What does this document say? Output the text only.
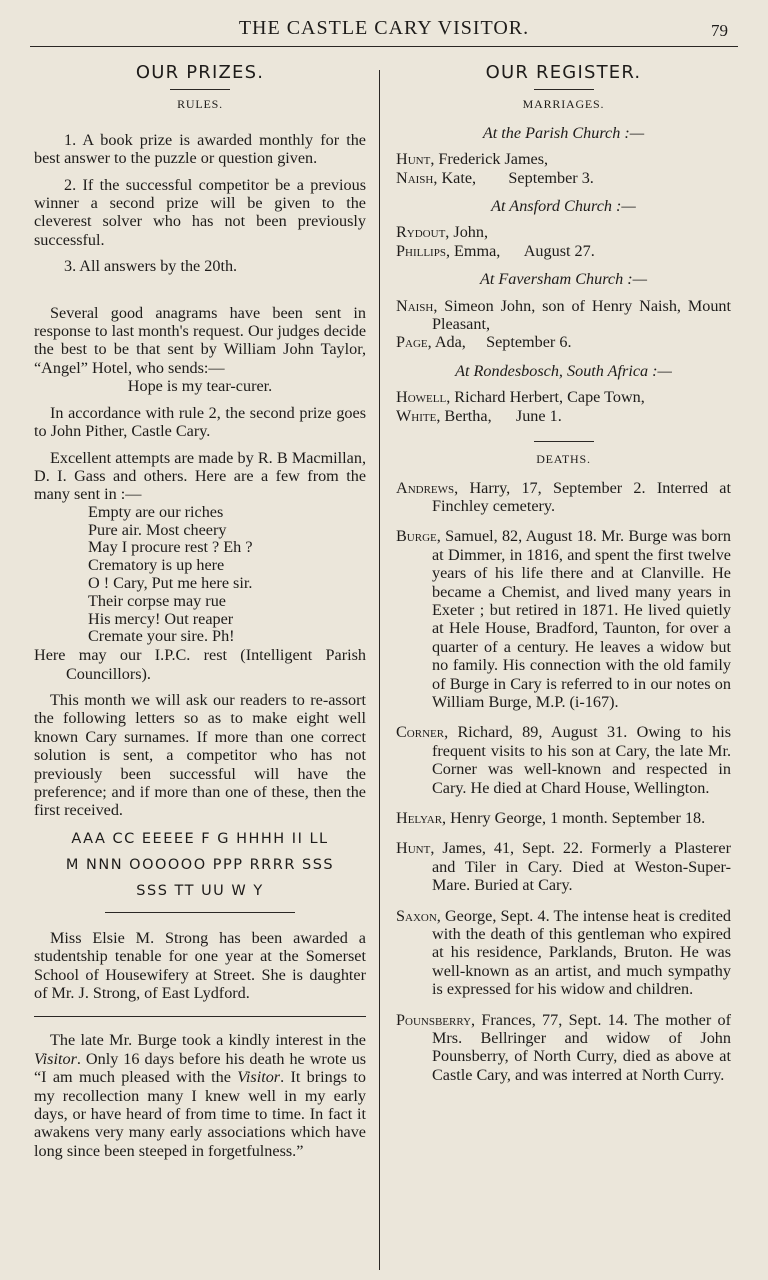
THE CASTLE CARY VISITOR.	79
OUR PRIZES.
RULES.

1. A book prize is awarded monthly for the best answer to the puzzle or question given.

2. If the successful competitor be a previous winner a second prize will be given to the cleverest solver who has not been previously successful.

3. All answers by the 20th.

Several good anagrams have been sent in response to last month's request. Our judges decide the best to be that sent by William John Taylor, “Angel” Hotel, who sends:—

Hope is my tear-curer.

In accordance with rule 2, the second prize goes to John Pither, Castle Cary.

Excellent attempts are made by R. B Macmillan, D. I. Gass and others. Here are a few from the many sent in :—

Empty are our riches
Pure air. Most cheery
May I procure rest ? Eh ?
Crematory is up here
O ! Cary, Put me here sir.
Their corpse may rue
His mercy! Out reaper
Cremate your sire. Ph!

Here may our I.P.C. rest (Intelligent Parish Councillors).

This month we will ask our readers to re-assort the following letters so as to make eight well known Cary surnames. If more than one correct solution is sent, a competitor who has not previously been successful will have the preference; and if more than one of these, then the first received.

AAA CC EEEEE F G HHHH II LL
M NNN OOOOOO PPP RRRR SSS
SSS TT UU W Y

Miss Elsie M. Strong has been awarded a studentship tenable for one year at the Somerset School of Housewifery at Street. She is daughter of Mr. J. Strong, of East Lydford.

The late Mr. Burge took a kindly interest in the Visitor. Only 16 days before his death he wrote us “I am much pleased with the Visitor. It brings to my recollection many I knew well in my early days, or have heard of from time to time. In fact it awakens very many early associations which have long since been steeped in forgetfulness.”

OUR REGISTER.
MARRIAGES.
At the Parish Church :—
Hunt, Frederick James,
Naish, Kate,        September 3.
At Ansford Church :—
Rydout, John,
Phillips, Emma,      August 27.
At Faversham Church :—
Naish, Simeon John, son of Henry Naish, Mount Pleasant,
Page, Ada,     September 6.
At Rondesbosch, South Africa :—
Howell, Richard Herbert, Cape Town,
White, Bertha,      June 1.
DEATHS.
Andrews, Harry, 17, September 2. Interred at Finchley cemetery.
Burge, Samuel, 82, August 18. Mr. Burge was born at Dimmer, in 1816, and spent the first twelve years of his life there and at Clanville. He became a Chemist, and lived many years in Exeter ; but retired in 1871. He lived quietly at Hele House, Bradford, Taunton, for over a quarter of a century. He leaves a widow but no family. His connection with the old family of Burge in Cary is referred to in our notes on William Burge, M.P. (i-167).
Corner, Richard, 89, August 31. Owing to his frequent visits to his son at Cary, the late Mr. Corner was well-known and respected in Cary. He died at Chard House, Wellington.
Helyar, Henry George, 1 month. September 18.
Hunt, James, 41, Sept. 22. Formerly a Plasterer and Tiler in Cary. Died at Weston-Super-Mare. Buried at Cary.
Saxon, George, Sept. 4. The intense heat is credited with the death of this gentleman who expired at his residence, Parklands, Bruton. He was well-known as an artist, and much sympathy is expressed for his widow and children.
Pounsberry, Frances, 77, Sept. 14. The mother of Mrs. Bellringer and widow of John Pounsberry, of North Curry, died as above at Castle Cary, and was interred at North Curry.
